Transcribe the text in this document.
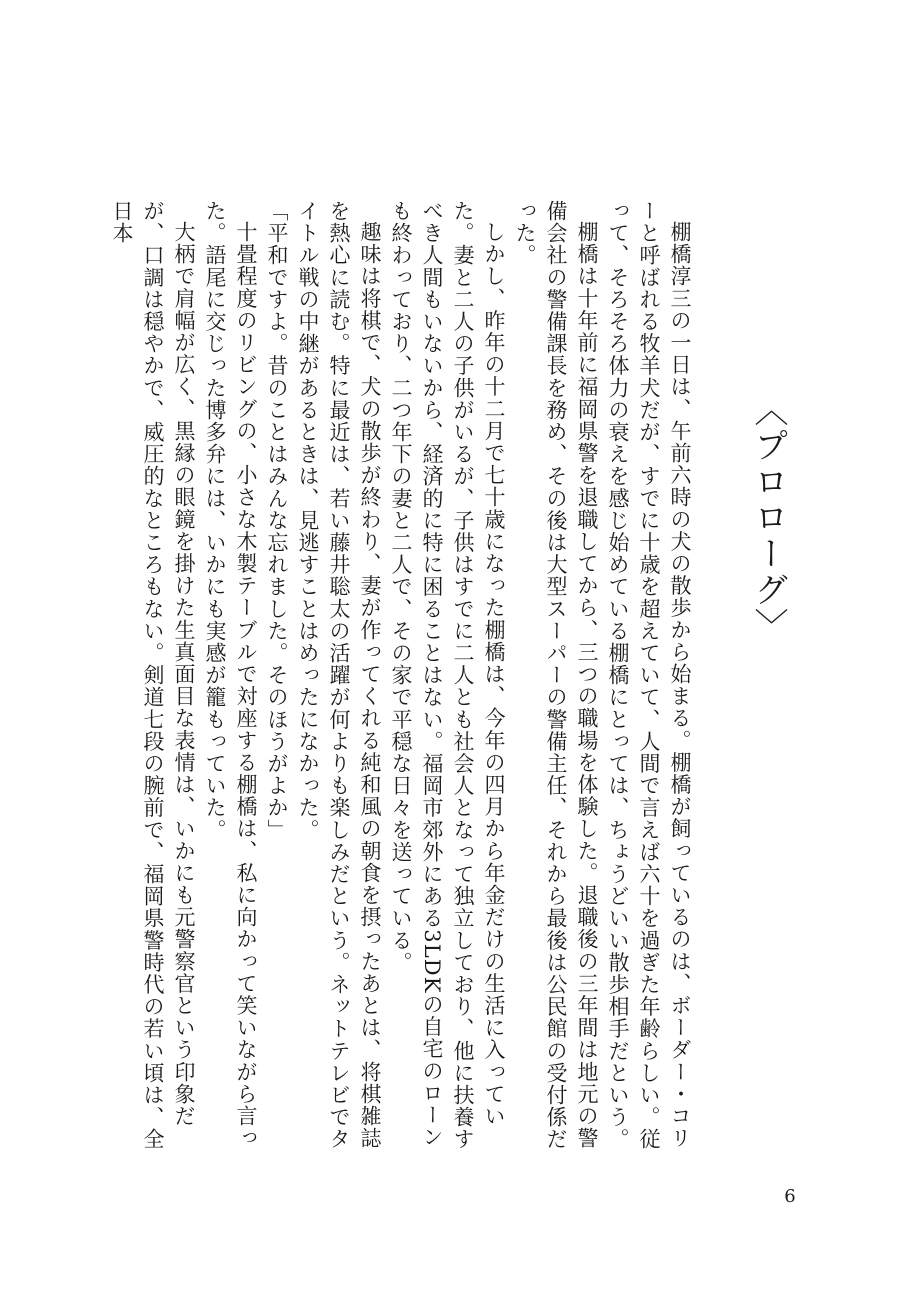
〈プロローグ〉

棚橋淳三の一日は、午前六時の犬の散歩から始まる。棚橋が飼っているのは、ボーダー・コリーと呼ばれる牧羊犬だが、すでに十歳を超えていて、人間で言えば六十を過ぎた年齢らしい。従って、そろそろ体力の衰えを感じ始めている棚橋にとっては、ちょうどいい散歩相手だという。

棚橋は十年前に福岡県警を退職してから、三つの職場を体験した。退職後の三年間は地元の警備会社の警備課長を務め、その後は大型スーパーの警備主任、それから最後は公民館の受付係だった。

しかし、昨年の十二月で七十歳になった棚橋は、今年の四月から年金だけの生活に入っていた。妻と二人の子供がいるが、子供はすでに二人とも社会人となって独立しており、他に扶養すべき人間もいないから、経済的に特に困ることはない。福岡市郊外にある3LDKの自宅のローンも終わっており、二つ年下の妻と二人で、その家で平穏な日々を送っている。

趣味は将棋で、犬の散歩が終わり、妻が作ってくれる純和風の朝食を摂ったあとは、将棋雑誌を熱心に読む。特に最近は、若い藤井聡太の活躍が何よりも楽しみだという。ネットテレビでタイトル戦の中継があるときは、見逃すことはめったになかった。

「平和ですよ。昔のことはみんな忘れました。そのほうがよか」

十畳程度のリビングの、小さな木製テーブルで対座する棚橋は、私に向かって笑いながら言った。語尾に交じった博多弁には、いかにも実感が籠もっていた。

大柄で肩幅が広く、黒縁の眼鏡を掛けた生真面目な表情は、いかにも元警察官という印象だが、口調は穏やかで、威圧的なところもない。剣道七段の腕前で、福岡県警時代の若い頃は、全日本

6
